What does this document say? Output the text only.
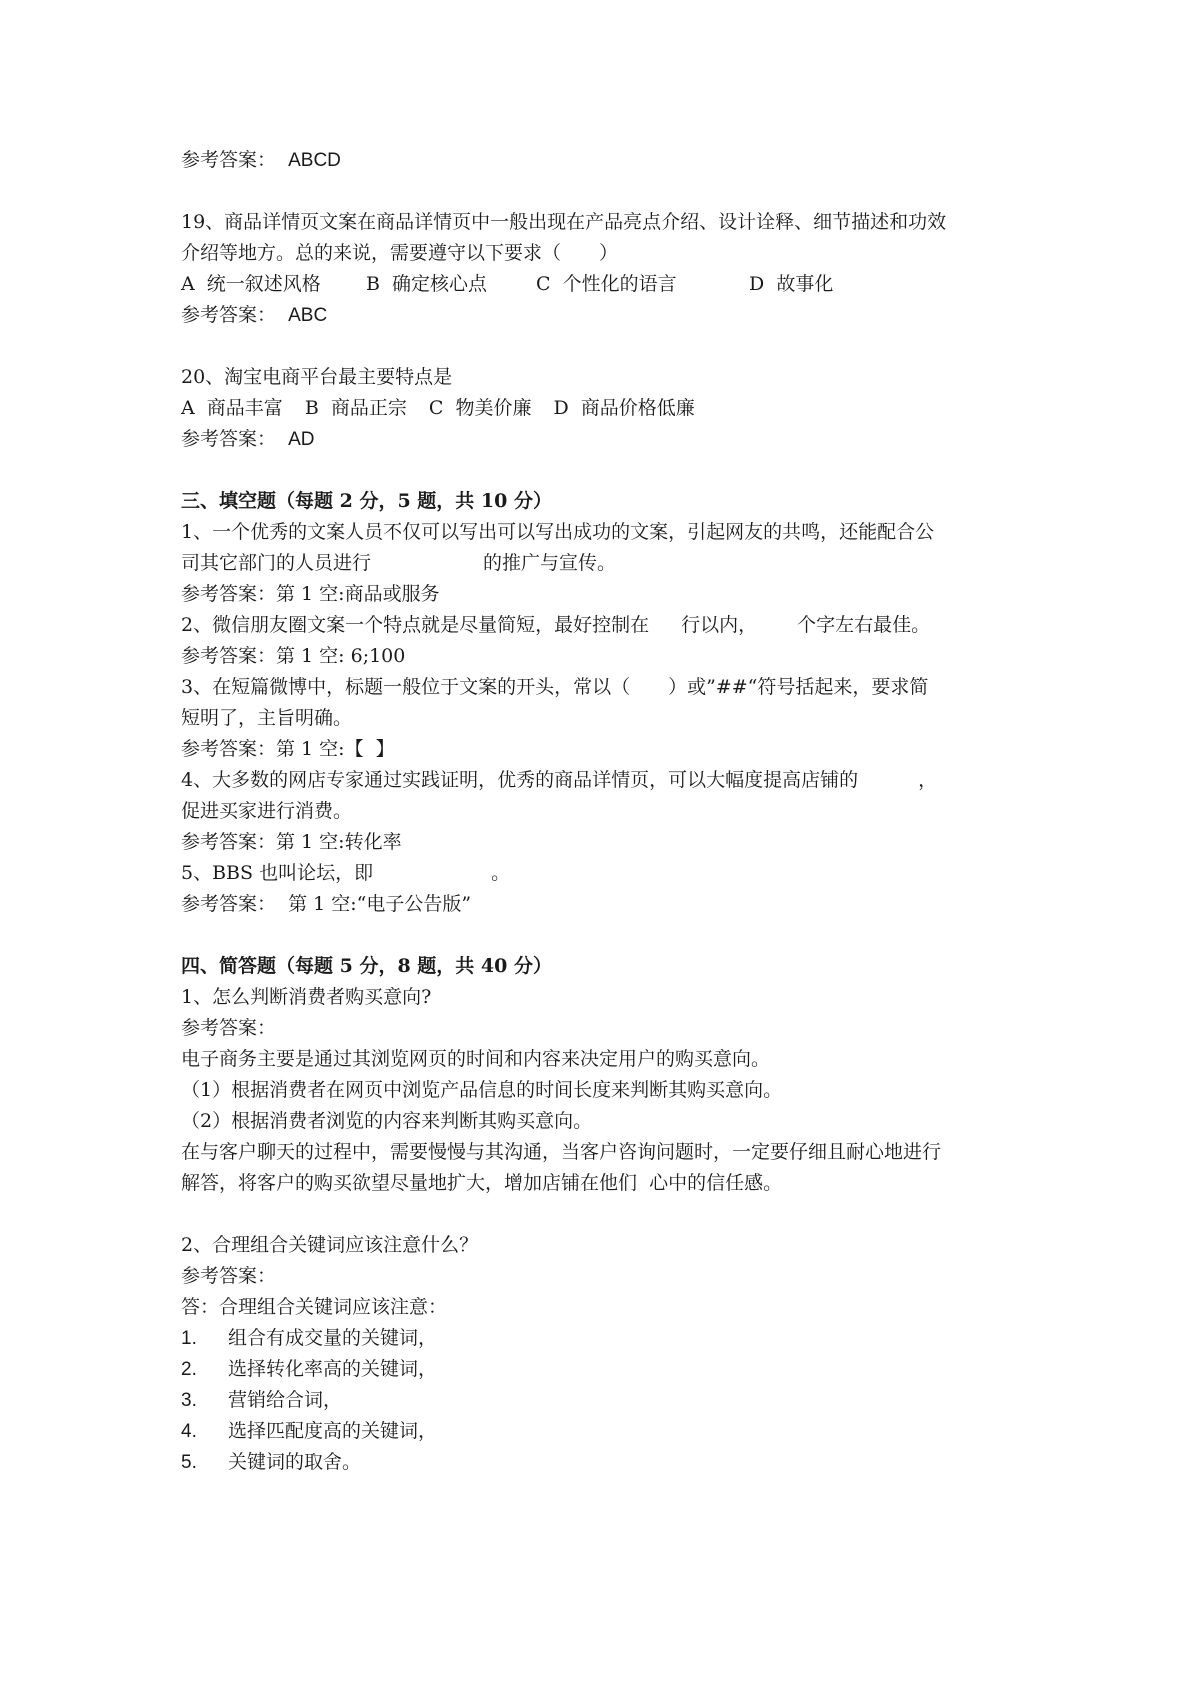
参考答案： ABCD
19、商品详情页文案在商品详情页中一般出现在产品亮点介绍、设计诠释、细节描述和功效
介绍等地方。总的来说，需要遵守以下要求（　　）
A  统一叙述风格 B  确定核心点	C  个性化的语言	D  故事化
参考答案： ABC
20、淘宝电商平台最主要特点是
A  商品丰富 B  商品正宗 C  物美价廉 D  商品价格低廉
参考答案： AD
三、填空题（每题 2 分，5 题，共 10 分）
1、一个优秀的文案人员不仅可以写出可以写出成功的文案，引起网友的共鸣，还能配合公
司其它部门的人员进行	的推广与宣传。
参考答案：第 1 空:商品或服务
2、微信朋友圈文案一个特点就是尽量简短，最好控制在 行以内， 个字左右最佳。
参考答案：第 1 空: 6;100
3、在短篇微博中，标题一般位于文案的开头，常以（　　）或”##“符号括起来，要求简
短明了，主旨明确。
参考答案：第 1 空:【  】
4、大多数的网店专家通过实践证明，优秀的商品详情页，可以大幅度提高店铺的	，
促进买家进行消费。
参考答案：第 1 空:转化率
5、BBS 也叫论坛，即	。
参考答案：  第 1 空:“电子公告版”
四、简答题（每题 5 分，8 题，共 40 分）
1、怎么判断消费者购买意向?
参考答案：
电子商务主要是通过其浏览网页的时间和内容来决定用户的购买意向。
（1）根据消费者在网页中浏览产品信息的时间长度来判断其购买意向。
（2）根据消费者浏览的内容来判断其购买意向。
在与客户聊天的过程中，需要慢慢与其沟通，当客户咨询问题时，一定要仔细且耐心地进行
解答，将客户的购买欲望尽量地扩大，增加店铺在他们  心中的信任感。
2、合理组合关键词应该注意什么？
参考答案：
答：合理组合关键词应该注意：
1.	组合有成交量的关键词，
2.	选择转化率高的关键词，
3.	营销给合词，
4.	选择匹配度高的关键词，
5.	关键词的取舍。
